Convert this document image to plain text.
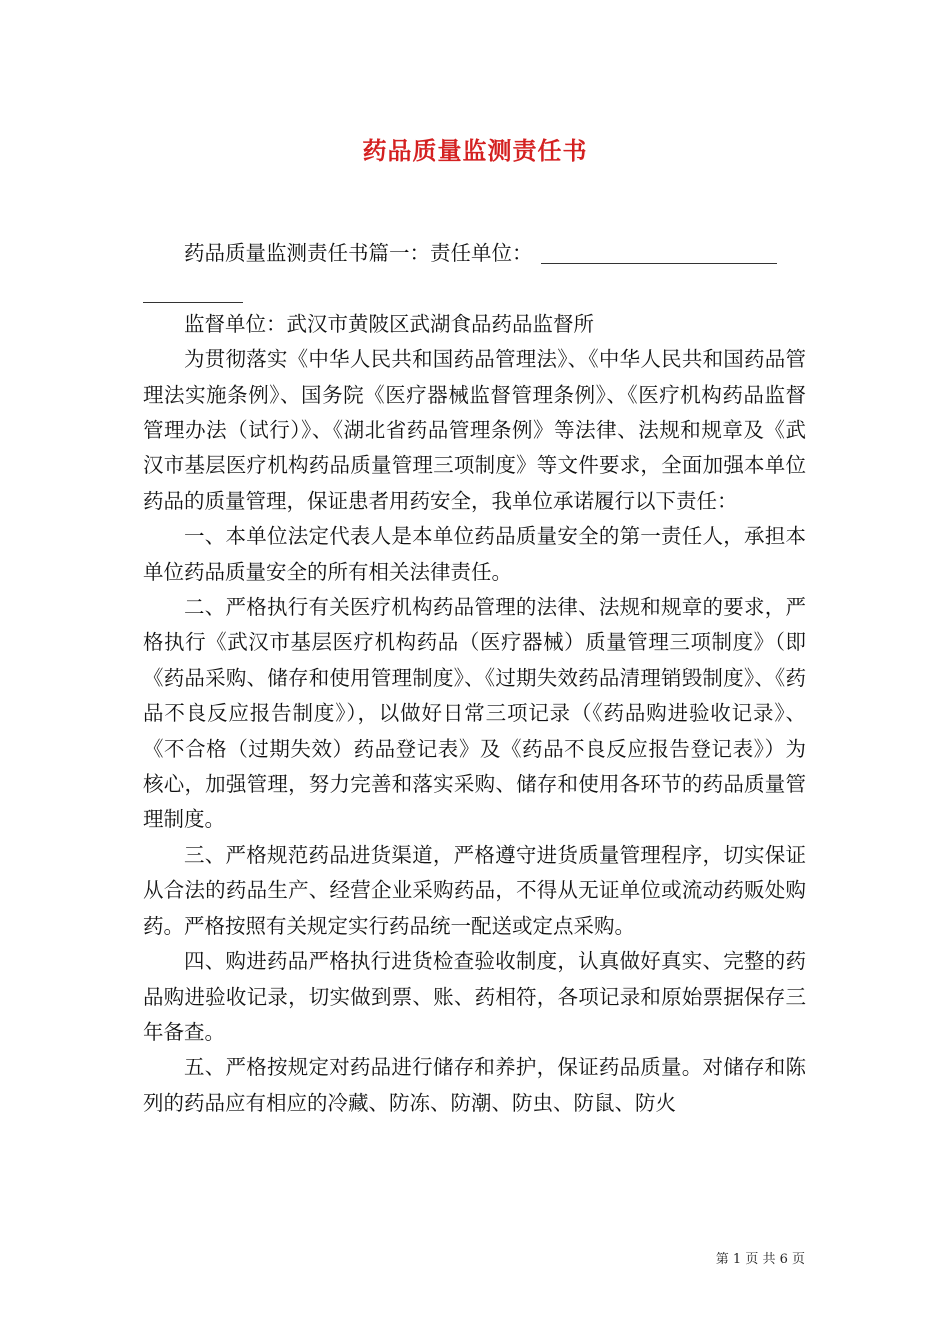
药品质量监测责任书

药品质量监测责任书篇一：责任单位：

监督单位：武汉市黄陂区武湖食品药品监督所

为贯彻落实《中华人民共和国药品管理法》、《中华人民共和国药品管理法实施条例》、国务院《医疗器械监督管理条例》、《医疗机构药品监督管理办法（试行）》、《湖北省药品管理条例》等法律、法规和规章及《武汉市基层医疗机构药品质量管理三项制度》等文件要求，全面加强本单位药品的质量管理，保证患者用药安全，我单位承诺履行以下责任：

一、本单位法定代表人是本单位药品质量安全的第一责任人，承担本单位药品质量安全的所有相关法律责任。

二、严格执行有关医疗机构药品管理的法律、法规和规章的要求，严格执行《武汉市基层医疗机构药品（医疗器械）质量管理三项制度》（即《药品采购、储存和使用管理制度》、《过期失效药品清理销毁制度》、《药品不良反应报告制度》），以做好日常三项记录（《药品购进验收记录》、《不合格（过期失效）药品登记表》及《药品不良反应报告登记表》）为核心，加强管理，努力完善和落实采购、储存和使用各环节的药品质量管理制度。

三、严格规范药品进货渠道，严格遵守进货质量管理程序，切实保证从合法的药品生产、经营企业采购药品，不得从无证单位或流动药贩处购药。严格按照有关规定实行药品统一配送或定点采购。

四、购进药品严格执行进货检查验收制度，认真做好真实、完整的药品购进验收记录，切实做到票、账、药相符，各项记录和原始票据保存三年备查。

五、严格按规定对药品进行储存和养护，保证药品质量。对储存和陈列的药品应有相应的冷藏、防冻、防潮、防虫、防鼠、防火

第 1 页 共 6 页
